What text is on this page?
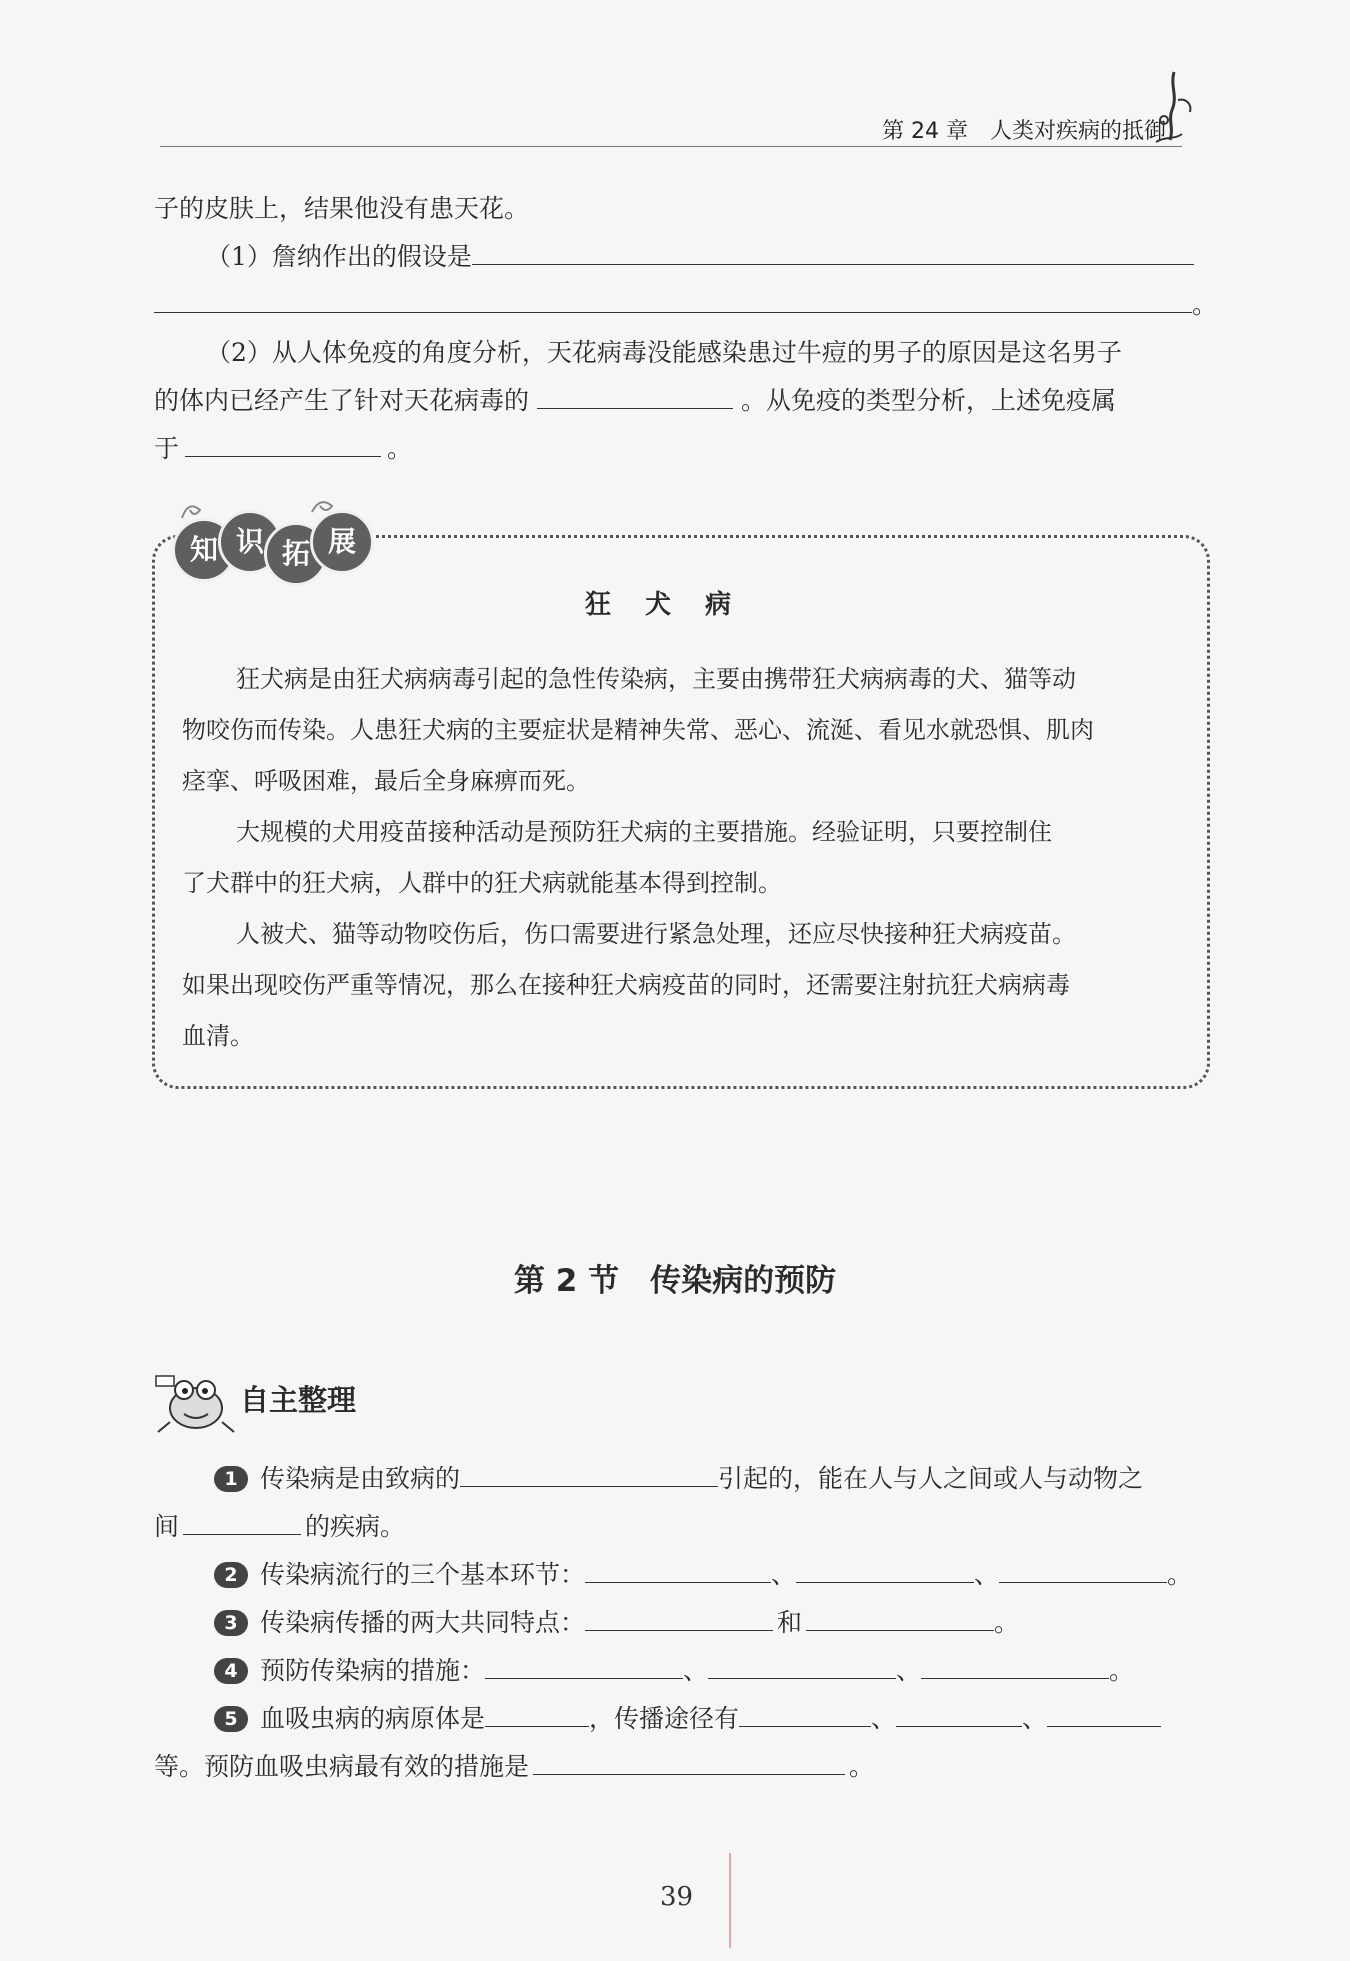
第 24 章 人类对疾病的抵御
子的皮肤上，结果他没有患天花。
（1）詹纳作出的假设是
。
（2）从人体免疫的角度分析，天花病毒没能感染患过牛痘的男子的原因是这名男子
的体内已经产生了针对天花病毒的	。从免疫的类型分析，上述免疫属
于	。
知 识 拓 展
狂犬病
狂犬病是由狂犬病病毒引起的急性传染病，主要由携带狂犬病病毒的犬、猫等动
物咬伤而传染。人患狂犬病的主要症状是精神失常、恶心、流涎、看见水就恐惧、肌肉
痉挛、呼吸困难，最后全身麻痹而死。
大规模的犬用疫苗接种活动是预防狂犬病的主要措施。经验证明，只要控制住
了犬群中的狂犬病，人群中的狂犬病就能基本得到控制。
人被犬、猫等动物咬伤后，伤口需要进行紧急处理，还应尽快接种狂犬病疫苗。
如果出现咬伤严重等情况，那么在接种狂犬病疫苗的同时，还需要注射抗狂犬病病毒
血清。
第 2 节　传染病的预防
自主整理
1 传染病是由致病的	引起的，能在人与人之间或人与动物之
间	的疾病。
2 传染病流行的三个基本环节：	、	、	。
3 传染病传播的两大共同特点：	和	。
4 预防传染病的措施：	、	、	。
5 血吸虫病的病原体是	，传播途径有	、	、
等。预防血吸虫病最有效的措施是	。
39
